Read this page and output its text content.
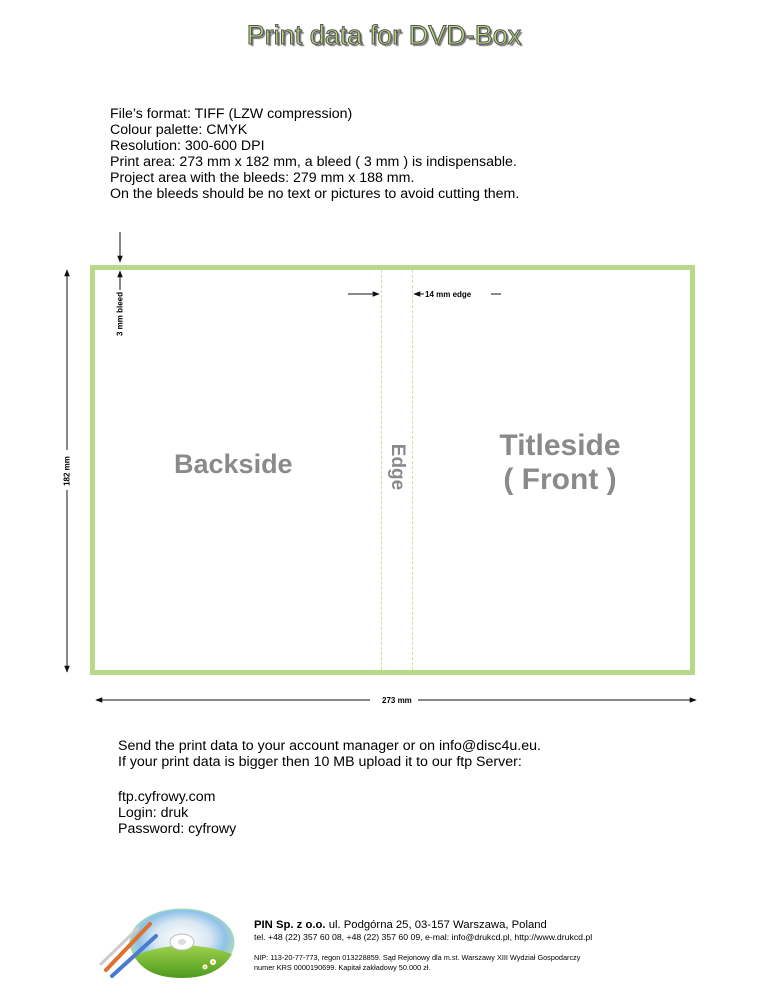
Print data for DVD-Box
File’s format: TIFF (LZW compression)
Colour palette: CMYK
Resolution: 300-600 DPI
Print area: 273 mm x 182 mm, a bleed ( 3 mm ) is indispensable.
Project area with the bleeds: 279 mm x 188 mm.
On the bleeds should be no text or pictures to avoid cutting them.
182 mm
273 mm
3 mm bleed	14 mm edge
Backside	Edge	Titleside
( Front )
Send the print data to your account manager or on info@disc4u.eu.
If your print data is bigger then 10 MB upload it to our ftp Server:
ftp.cyfrowy.com
Login: druk
Password: cyfrowy
PIN Sp. z o.o. ul. Podgórna 25, 03-157 Warszawa, Poland
tel. +48 (22) 357 60 08, +48 (22) 357 60 09, e-mal: info@drukcd.pl, http://www.drukcd.pl
NIP: 113-20-77-773, regon 013228859. Sąd Rejonowy dla m.st. Warszawy XIII Wydział Gospodarczy
numer KRS 0000190699. Kapitał zakładowy 50.000 zł.
